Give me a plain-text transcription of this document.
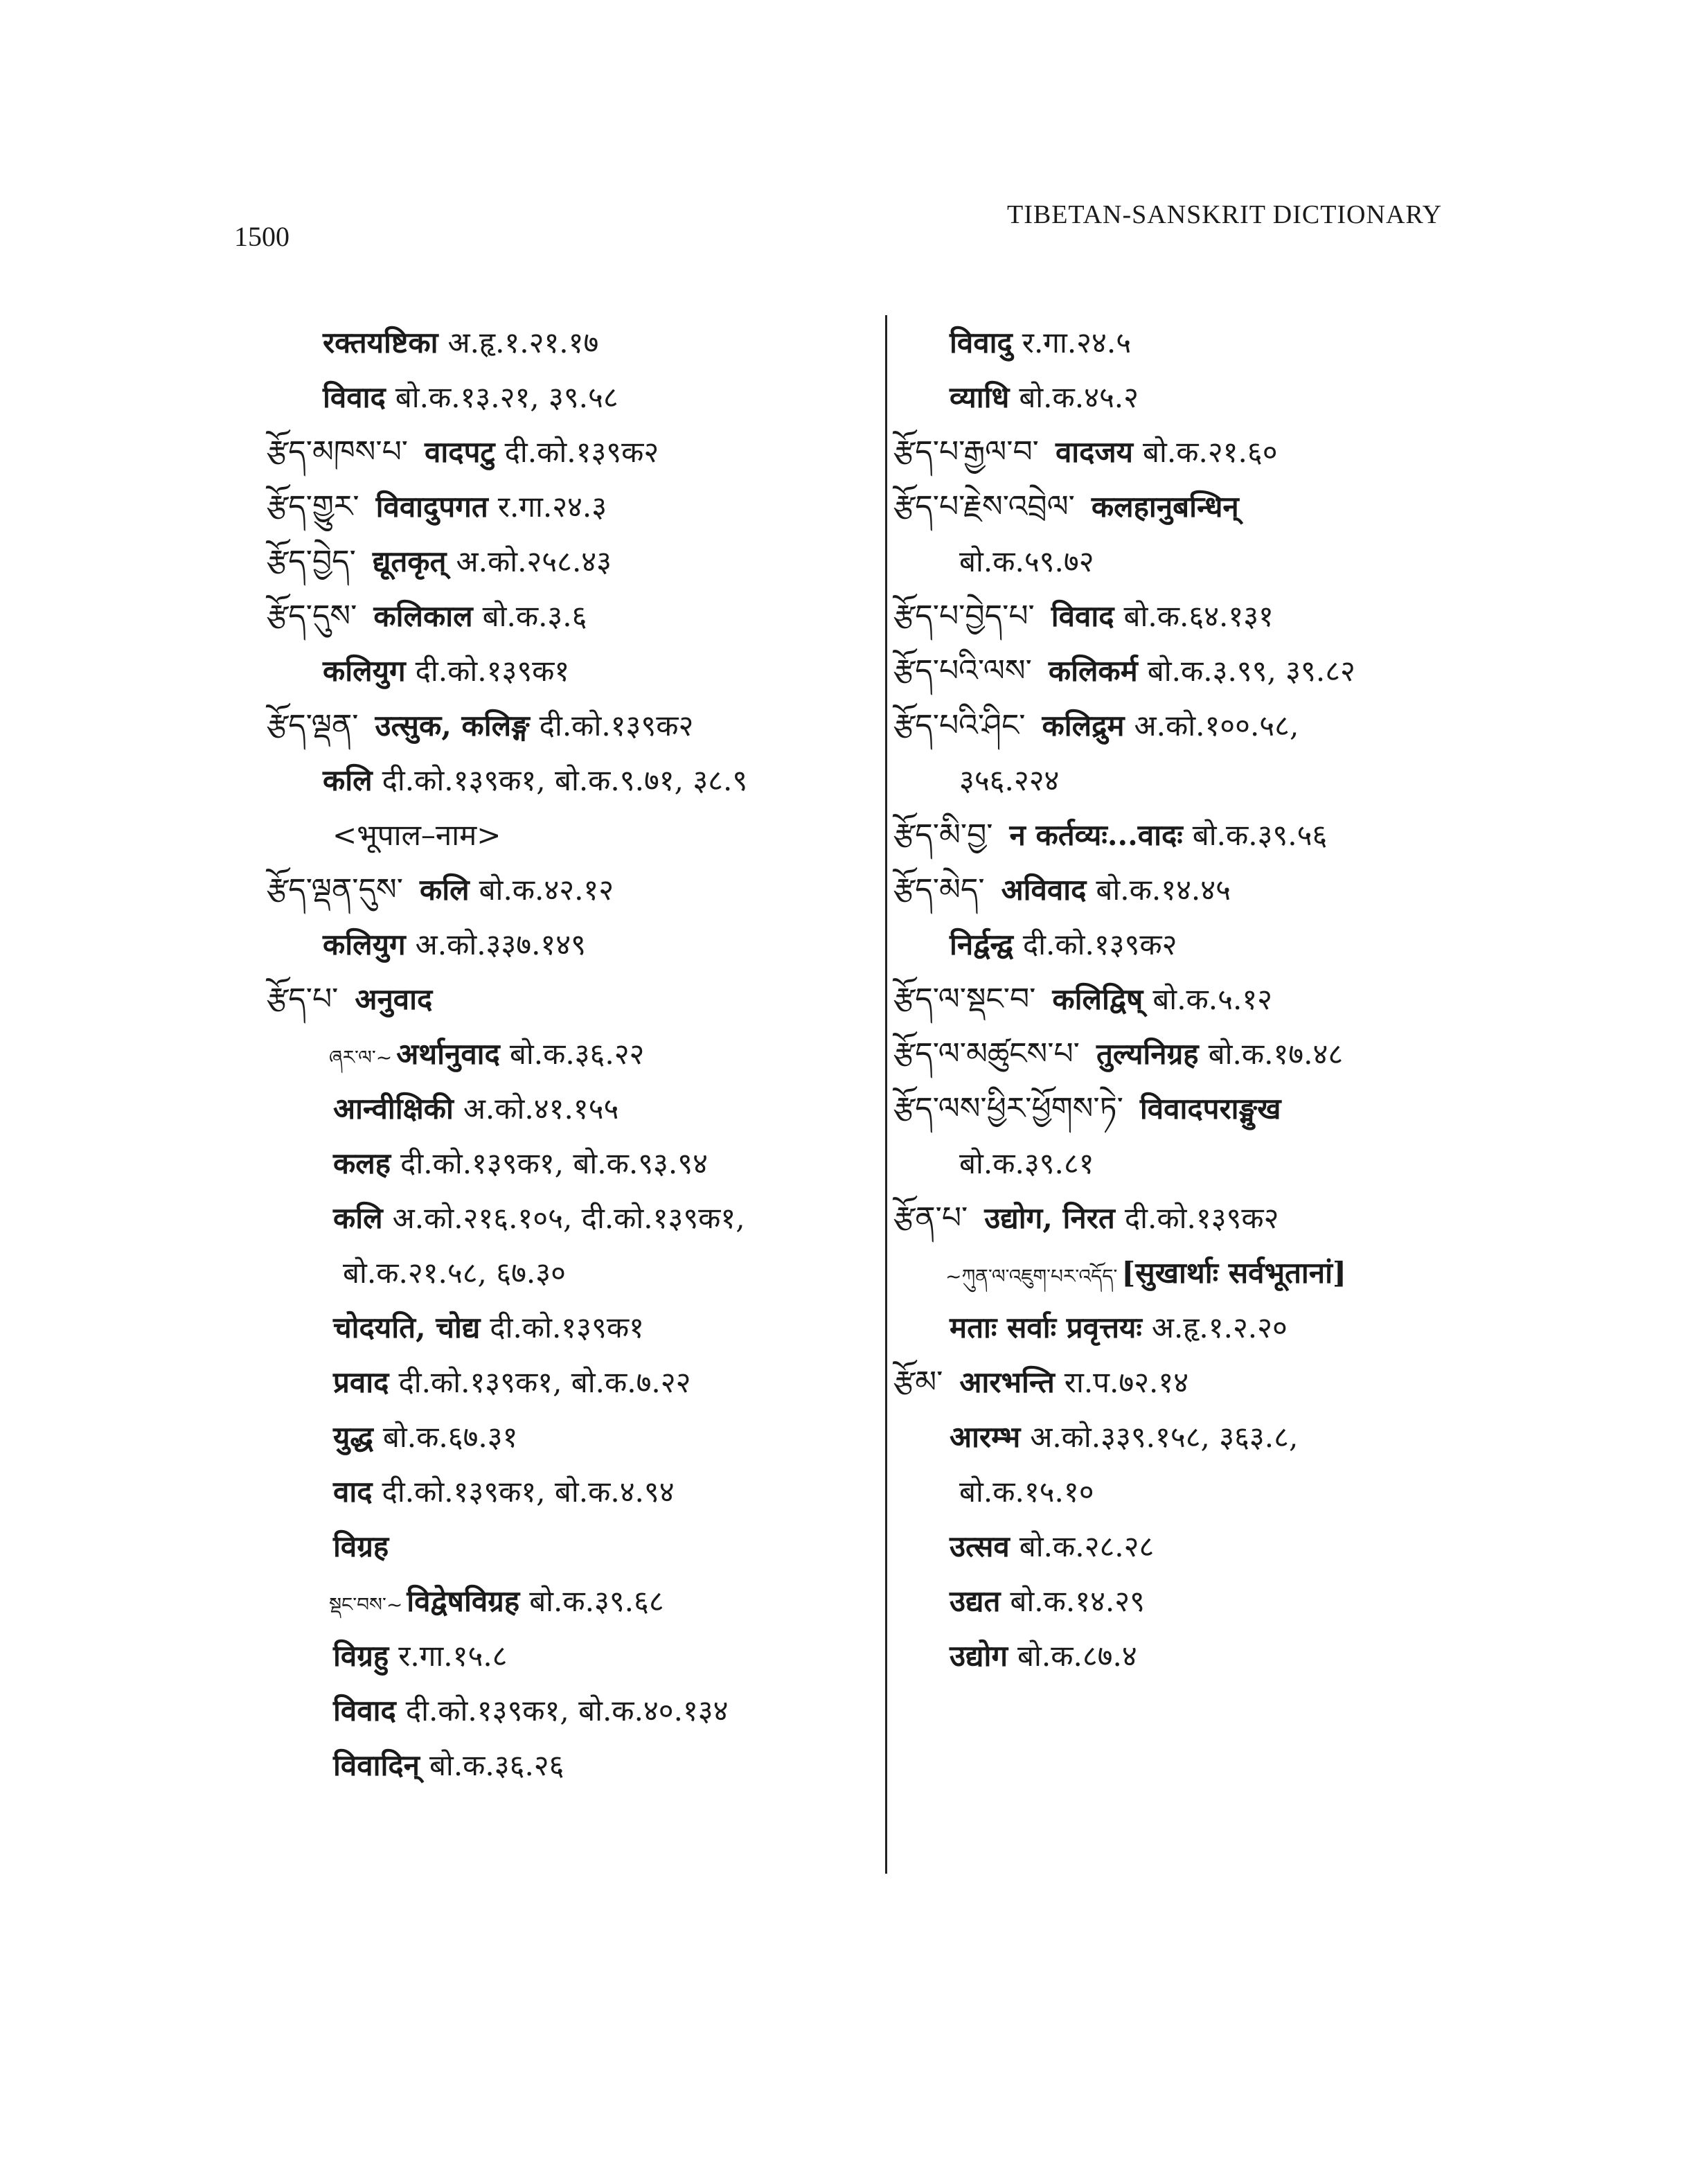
1500
TIBETAN-SANSKRIT DICTIONARY
रक्तयष्टिका अ.हृ.१.२१.१७
विवाद बो.क.१३.२१, ३९.५८
རྩོད་མཁས་པ་ वादपटु दी.को.१३९क२
རྩོད་གྱུར་ विवादुपगत र.गा.२४.३
རྩོད་བྱེད་ द्यूतकृत् अ.को.२५८.४३
རྩོད་དུས་ कलिकाल बो.क.३.६
कलियुग दी.को.१३९क१
རྩོད་ལྡན་ उत्सुक, कलिङ्ग दी.को.१३९क२
कलि दी.को.१३९क१, बो.क.९.७१, ३८.९
<भूपाल–नाम>
རྩོད་ལྡན་དུས་ कलि बो.क.४२.१२
कलियुग अ.को.३३७.१४९
རྩོད་པ་ अनुवाद
ཞར་ལ་~ अर्थानुवाद बो.क.३६.२२
आन्वीक्षिकी अ.को.४१.१५५
कलह दी.को.१३९क१, बो.क.९३.९४
कलि अ.को.२१६.१०५, दी.को.१३९क१,
बो.क.२१.५८, ६७.३०
चोदयति, चोद्य दी.को.१३९क१
प्रवाद दी.को.१३९क१, बो.क.७.२२
युद्ध बो.क.६७.३१
वाद दी.को.१३९क१, बो.क.४.९४
विग्रह
སྡང་བས་~ विद्वेषविग्रह बो.क.३९.६८
विग्रहु र.गा.१५.८
विवाद दी.को.१३९क१, बो.क.४०.१३४
विवादिन् बो.क.३६.२६
विवादु र.गा.२४.५
व्याधि बो.क.४५.२
རྩོད་པ་རྒྱལ་བ་ वादजय बो.क.२१.६०
རྩོད་པ་རྗེས་འབྲེལ་ कलहानुबन्धिन्
बो.क.५९.७२
རྩོད་པ་བྱེད་པ་ विवाद बो.क.६४.१३१
རྩོད་པའི་ལས་ कलिकर्म बो.क.३.९९, ३९.८२
རྩོད་པའི་ཤིང་ कलिद्रुम अ.को.१००.५८,
३५६.२२४
རྩོད་མི་བྱ་ न कर्तव्यः...वादः बो.क.३९.५६
རྩོད་མེད་ अविवाद बो.क.१४.४५
निर्द्वन्द्व दी.को.१३९क२
རྩོད་ལ་སྡང་བ་ कलिद्विष् बो.क.५.१२
རྩོད་ལ་མཚུངས་པ་ तुल्यनिग्रह बो.क.१७.४८
རྩོད་ལས་ཕྱིར་ཕྱོགས་ཏེ་ विवादपराङ्मुख
बो.क.३९.८१
རྩོན་པ་ उद्योग, निरत दी.को.१३९क२
~ཀུན་ལ་འཇུག་པར་འདོད་ [सुखार्थाः सर्वभूतानां]
मताः सर्वाः प्रवृत्तयः अ.हृ.१.२.२०
རྩོམ་ आरभन्ति रा.प.७२.१४
आरम्भ अ.को.३३९.१५८, ३६३.८,
बो.क.१५.१०
उत्सव बो.क.२८.२८
उद्यत बो.क.१४.२९
उद्योग बो.क.८७.४
